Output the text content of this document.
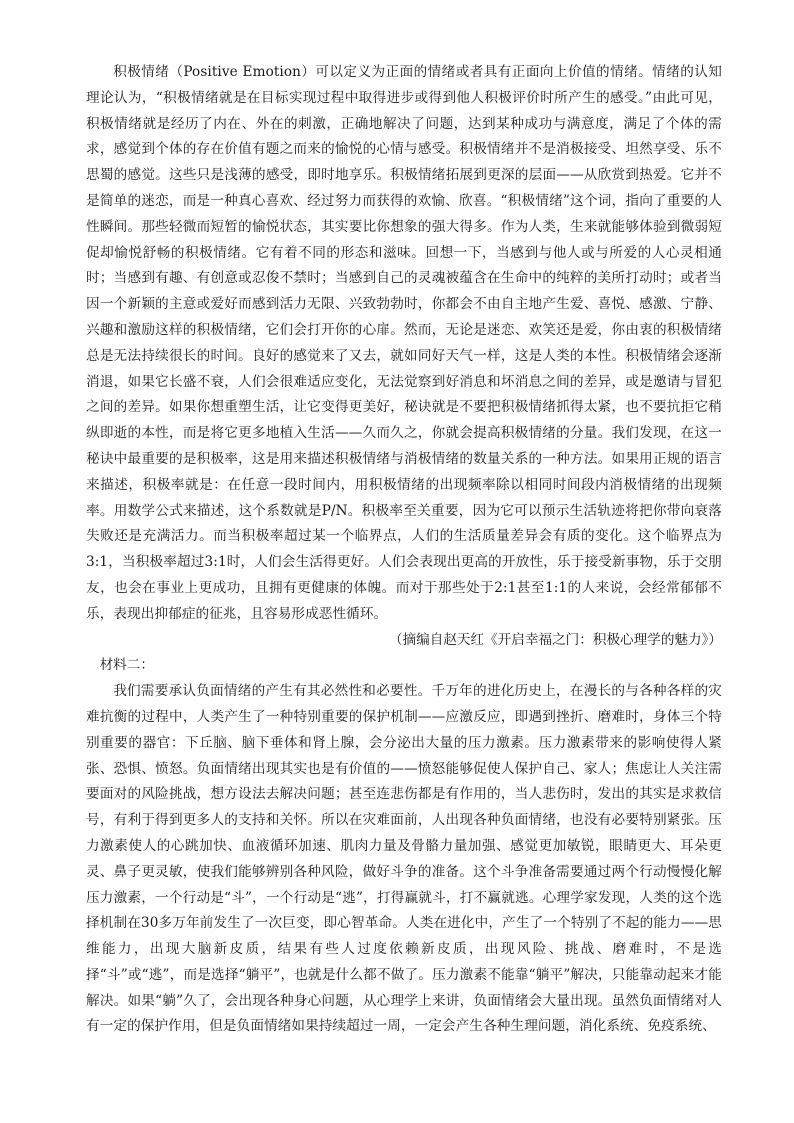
积极情绪（Positive Emotion）可以定义为正面的情绪或者具有正面向上价值的情绪。情绪的认知理论认为，“积极情绪就是在目标实现过程中取得进步或得到他人积极评价时所产生的感受。”由此可见，积极情绪就是经历了内在、外在的刺激，正确地解决了问题，达到某种成功与满意度，满足了个体的需求，感觉到个体的存在价值有题之而来的愉悦的心情与感受。积极情绪并不是消极接受、坦然享受、乐不思蜀的感觉。这些只是浅薄的感受，即时地享乐。积极情绪拓展到更深的层面——从欣赏到热爱。它并不是简单的迷恋，而是一种真心喜欢、经过努力而获得的欢愉、欣喜。“积极情绪”这个词，指向了重要的人性瞬间。那些轻微而短暂的愉悦状态，其实要比你想象的强大得多。作为人类，生来就能够体验到微弱短促却愉悦舒畅的积极情绪。它有着不同的形态和滋味。回想一下，当感到与他人或与所爱的人心灵相通时；当感到有趣、有创意或忍俊不禁时；当感到自己的灵魂被蕴含在生命中的纯粹的美所打动时；或者当因一个新颖的主意或爱好而感到活力无限、兴致勃勃时，你都会不由自主地产生爱、喜悦、感激、宁静、兴趣和激励这样的积极情绪，它们会打开你的心扉。然而，无论是迷恋、欢笑还是爱，你由衷的积极情绪总是无法持续很长的时间。良好的感觉来了又去，就如同好天气一样，这是人类的本性。积极情绪会逐渐消退，如果它长盛不衰，人们会很难适应变化，无法觉察到好消息和坏消息之间的差异，或是邀请与冒犯之间的差异。如果你想重塑生活，让它变得更美好，秘诀就是不要把积极情绪抓得太紧，也不要抗拒它稍纵即逝的本性，而是将它更多地植入生活——久而久之，你就会提高积极情绪的分量。我们发现，在这一秘诀中最重要的是积极率，这是用来描述积极情绪与消极情绪的数量关系的一种方法。如果用正规的语言来描述，积极率就是：在任意一段时间内，用积极情绪的出现频率除以相同时间段内消极情绪的出现频率。用数学公式来描述，这个系数就是P/N。积极率至关重要，因为它可以预示生活轨迹将把你带向衰落失败还是充满活力。而当积极率超过某一个临界点，人们的生活质量差异会有质的变化。这个临界点为3:1，当积极率超过3:1时，人们会生活得更好。人们会表现出更高的开放性，乐于接受新事物，乐于交朋友，也会在事业上更成功，且拥有更健康的体魄。而对于那些处于2:1甚至1:1的人来说，会经常郁郁不乐，表现出抑郁症的征兆，且容易形成恶性循环。

（摘编自赵天红《开启幸福之门：积极心理学的魅力》）

材料二：

我们需要承认负面情绪的产生有其必然性和必要性。千万年的进化历史上，在漫长的与各种各样的灾难抗衡的过程中，人类产生了一种特别重要的保护机制——应激反应，即遇到挫折、磨难时，身体三个特别重要的器官：下丘脑、脑下垂体和肾上腺，会分泌出大量的压力激素。压力激素带来的影响使得人紧张、恐惧、愤怒。负面情绪出现其实也是有价值的——愤怒能够促使人保护自己、家人；焦虑让人关注需要面对的风险挑战，想方设法去解决问题；甚至连悲伤都是有作用的，当人悲伤时，发出的其实是求救信号，有利于得到更多人的支持和关怀。所以在灾难面前，人出现各种负面情绪，也没有必要特别紧张。压力激素使人的心跳加快、血液循环加速、肌肉力量及骨骼力量加强、感觉更加敏锐，眼睛更大、耳朵更灵、鼻子更灵敏，使我们能够辨别各种风险，做好斗争的准备。这个斗争准备需要通过两个行动慢慢化解压力激素，一个行动是“斗”，一个行动是“逃”，打得赢就斗，打不赢就逃。心理学家发现，人类的这个选择机制在30多万年前发生了一次巨变，即心智革命。人类在进化中，产生了一个特别了不起的能力——思维能力，出现大脑新皮质，结果有些人过度依赖新皮质，出现风险、挑战、磨难时，不是选择“斗”或“逃”，而是选择“躺平”，也就是什么都不做了。压力激素不能靠“躺平”解决，只能靠动起来才能解决。如果“躺”久了，会出现各种身心问题，从心理学上来讲，负面情绪会大量出现。虽然负面情绪对人有一定的保护作用，但是负面情绪如果持续超过一周，一定会产生各种生理问题，消化系统、免疫系统、
